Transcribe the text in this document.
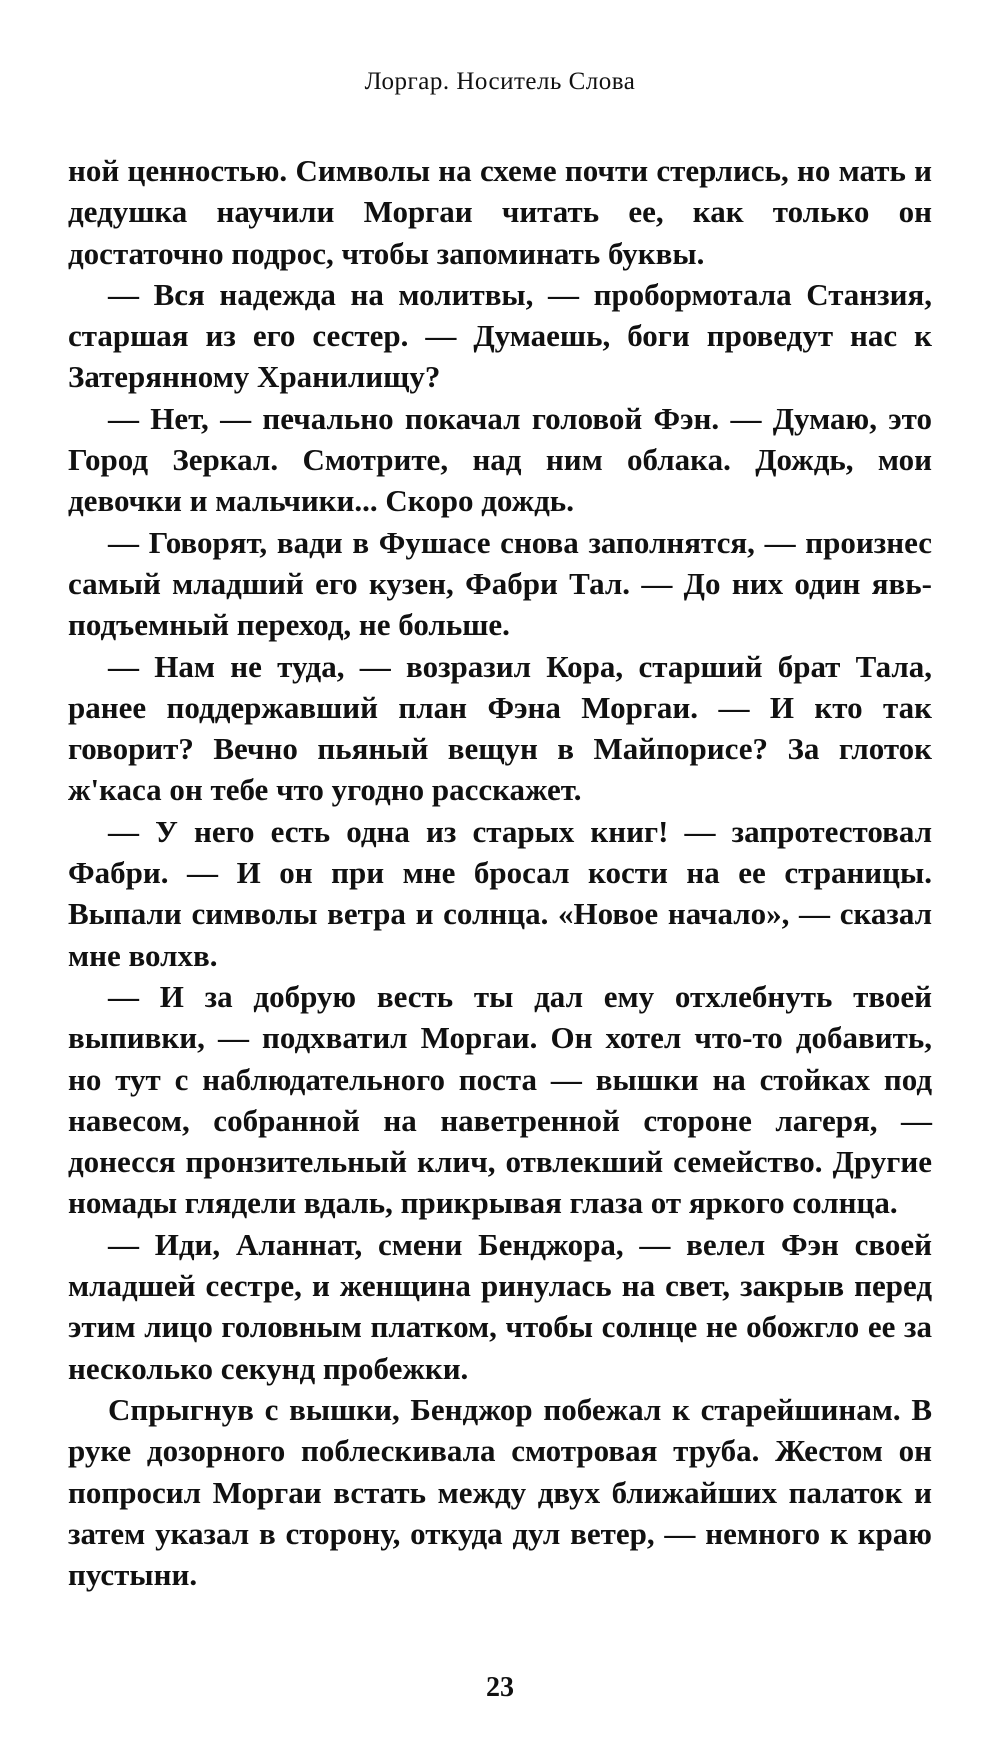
Лоргар. Носитель Слова

ной ценностью. Символы на схеме почти стерлись, но мать и дедушка научили Моргаи читать ее, как только он достаточно подрос, чтобы запоминать буквы.

— Вся надежда на молитвы, — пробормотала Станзия, старшая из его сестер. — Думаешь, боги проведут нас к Затерянному Хранилищу?

— Нет, — печально покачал головой Фэн. — Думаю, это Город Зеркал. Смотрите, над ним облака. Дождь, мои девочки и мальчики... Скоро дождь.

— Говорят, вади в Фушасе снова заполнятся, — произнес самый младший его кузен, Фабри Тал. — До них один явь-подъемный переход, не больше.

— Нам не туда, — возразил Кора, старший брат Тала, ранее поддержавший план Фэна Моргаи. — И кто так говорит? Вечно пьяный вещун в Майпорисе? За глоток ж'каса он тебе что угодно расскажет.

— У него есть одна из старых книг! — запротестовал Фабри. — И он при мне бросал кости на ее страницы. Выпали символы ветра и солнца. «Новое начало», — сказал мне волхв.

— И за добрую весть ты дал ему отхлебнуть твоей выпивки, — подхватил Моргаи. Он хотел что-то добавить, но тут с наблюдательного поста — вышки на стойках под навесом, собранной на наветренной стороне лагеря, — донесся пронзительный клич, отвлекший семейство. Другие номады глядели вдаль, прикрывая глаза от яркого солнца.

— Иди, Аланнат, смени Бенджора, — велел Фэн своей младшей сестре, и женщина ринулась на свет, закрыв перед этим лицо головным платком, чтобы солнце не обожгло ее за несколько секунд пробежки.

Спрыгнув с вышки, Бенджор побежал к старейшинам. В руке дозорного поблескивала смотровая труба. Жестом он попросил Моргаи встать между двух ближайших палаток и затем указал в сторону, откуда дул ветер, — немного к краю пустыни.

23
